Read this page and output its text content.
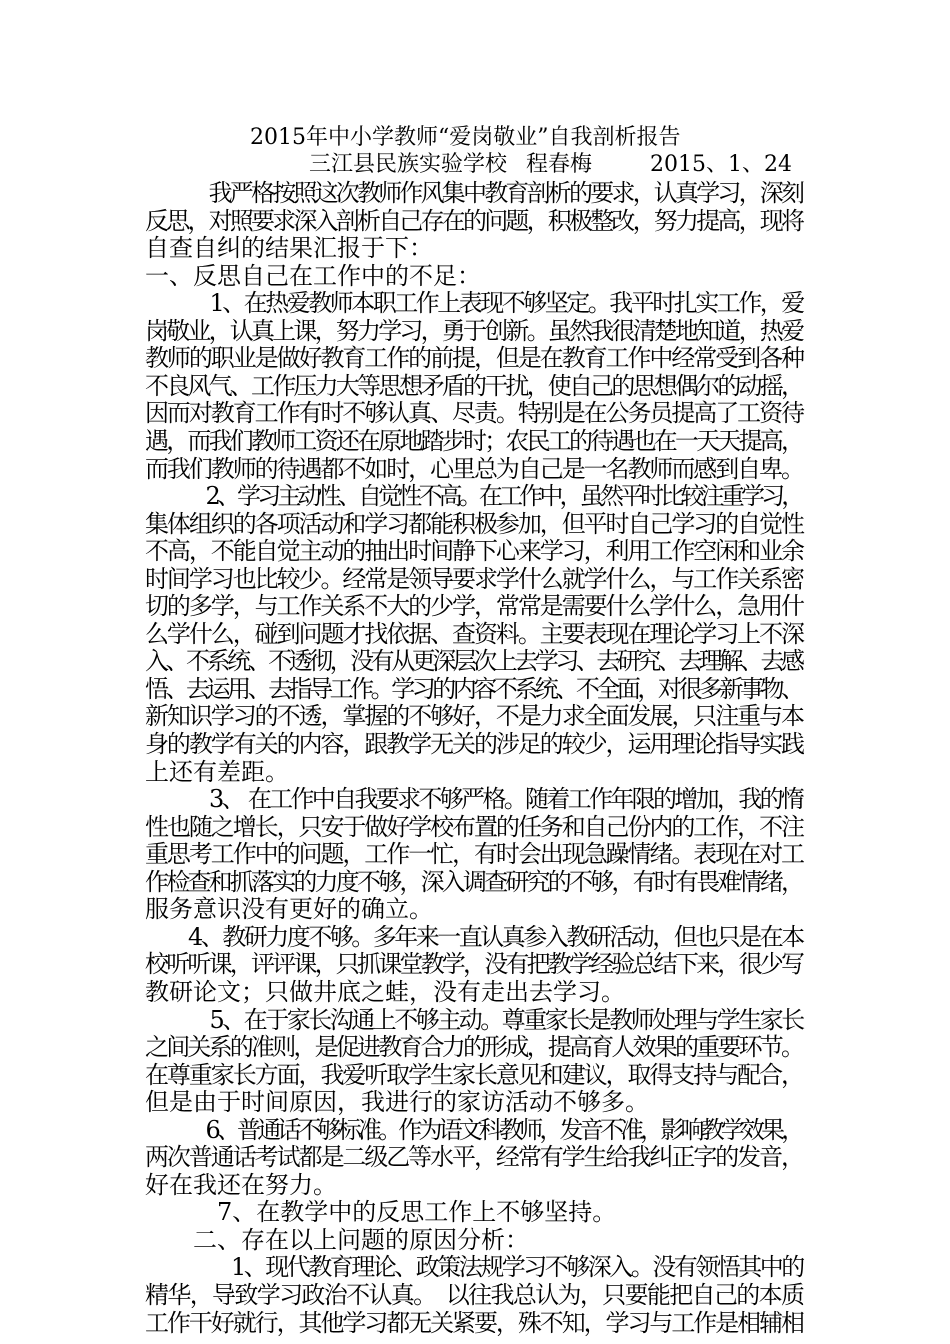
2015年中小学教师“爱岗敬业”自我剖析报告
三江县民族实验学校 程春梅	2015、1、24
　　　我严格按照这次教师作风集中教育剖析的要求，认真学习，深刻
反思，对照要求深入剖析自己存在的问题，积极整改，努力提高，现将
自查自纠的结果汇报于下：
一、反思自己在工作中的不足：
　　　1、在热爱教师本职工作上表现不够坚定。我平时扎实工作，爱
岗敬业，认真上课，努力学习，勇于创新。虽然我很清楚地知道，热爱
教师的职业是做好教育工作的前提，但是在教育工作中经常受到各种
不良风气、工作压力大等思想矛盾的干扰，使自己的思想偶尔的动摇，
因而对教育工作有时不够认真、尽责。特别是在公务员提高了工资待
遇，而我们教师工资还在原地踏步时；农民工的待遇也在一天天提高，
而我们教师的待遇都不如时，心里总为自己是一名教师而感到自卑。
　　　2、学习主动性、自觉性不高。在工作中，虽然平时比较注重学习，
集体组织的各项活动和学习都能积极参加，但平时自己学习的自觉性
不高，不能自觉主动的抽出时间静下心来学习，利用工作空闲和业余
时间学习也比较少。经常是领导要求学什么就学什么，与工作关系密
切的多学，与工作关系不大的少学，常常是需要什么学什么，急用什
么学什么，碰到问题才找依据、查资料。主要表现在理论学习上不深
入、不系统、不透彻，没有从更深层次上去学习、去研究、去理解、去感
悟、去运用、去指导工作。学习的内容不系统、不全面，对很多新事物、
新知识学习的不透，掌握的不够好，不是力求全面发展，只注重与本
身的教学有关的内容，跟教学无关的涉足的较少，运用理论指导实践
上还有差距。
　　　3、 在工作中自我要求不够严格。随着工作年限的增加，我的惰
性也随之增长，只安于做好学校布置的任务和自己份内的工作，不注
重思考工作中的问题，工作一忙，有时会出现急躁情绪。表现在对工
作检查和抓落实的力度不够，深入调查研究的不够，有时有畏难情绪，
服务意识没有更好的确立。
　　4、教研力度不够。多年来一直认真参入教研活动，但也只是在本
校听听课，评评课，只抓课堂教学，没有把教学经验总结下来，很少写
教研论文；只做井底之蛙，没有走出去学习。
　　　5、在于家长沟通上不够主动。尊重家长是教师处理与学生家长
之间关系的准则，是促进教育合力的形成，提高育人效果的重要环节。
在尊重家长方面，我爱听取学生家长意见和建议，取得支持与配合，
但是由于时间原因，我进行的家访活动不够多。
　　　6、普通话不够标准。作为语文科教师，发音不准，影响教学效果，
两次普通话考试都是二级乙等水平，经常有学生给我纠正字的发音，
好在我还在努力。
　　　7、在教学中的反思工作上不够坚持。
　　二、存在以上问题的原因分析：
　　　　1、现代教育理论、政策法规学习不够深入。没有领悟其中的
精华，导致学习政治不认真。　以往我总认为，只要能把自己的本质
工作干好就行，其他学习都无关紧要，殊不知，学习与工作是相辅相
